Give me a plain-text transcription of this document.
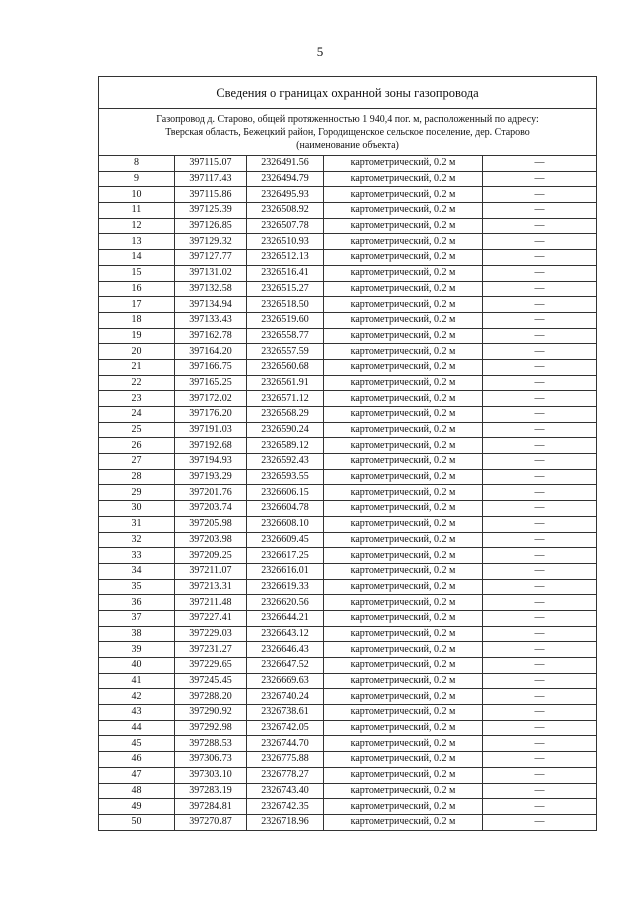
5
Сведения о границах охранной зоны газопровода				

Газопровод д. Старово, общей протяженностью 1 940,4 пог. м, расположенный по адресу:
Тверская область, Бежецкий район, Городищенское сельское поселение, дер. Старово
(наименование объекта)				

8	397115.07	2326491.56	картометрический, 0.2 м	—
9	397117.43	2326494.79	картометрический, 0.2 м	—
10	397115.86	2326495.93	картометрический, 0.2 м	—
11	397125.39	2326508.92	картометрический, 0.2 м	—
12	397126.85	2326507.78	картометрический, 0.2 м	—
13	397129.32	2326510.93	картометрический, 0.2 м	—
14	397127.77	2326512.13	картометрический, 0.2 м	—
15	397131.02	2326516.41	картометрический, 0.2 м	—
16	397132.58	2326515.27	картометрический, 0.2 м	—
17	397134.94	2326518.50	картометрический, 0.2 м	—
18	397133.43	2326519.60	картометрический, 0.2 м	—
19	397162.78	2326558.77	картометрический, 0.2 м	—
20	397164.20	2326557.59	картометрический, 0.2 м	—
21	397166.75	2326560.68	картометрический, 0.2 м	—
22	397165.25	2326561.91	картометрический, 0.2 м	—
23	397172.02	2326571.12	картометрический, 0.2 м	—
24	397176.20	2326568.29	картометрический, 0.2 м	—
25	397191.03	2326590.24	картометрический, 0.2 м	—
26	397192.68	2326589.12	картометрический, 0.2 м	—
27	397194.93	2326592.43	картометрический, 0.2 м	—
28	397193.29	2326593.55	картометрический, 0.2 м	—
29	397201.76	2326606.15	картометрический, 0.2 м	—
30	397203.74	2326604.78	картометрический, 0.2 м	—
31	397205.98	2326608.10	картометрический, 0.2 м	—
32	397203.98	2326609.45	картометрический, 0.2 м	—
33	397209.25	2326617.25	картометрический, 0.2 м	—
34	397211.07	2326616.01	картометрический, 0.2 м	—
35	397213.31	2326619.33	картометрический, 0.2 м	—
36	397211.48	2326620.56	картометрический, 0.2 м	—
37	397227.41	2326644.21	картометрический, 0.2 м	—
38	397229.03	2326643.12	картометрический, 0.2 м	—
39	397231.27	2326646.43	картометрический, 0.2 м	—
40	397229.65	2326647.52	картометрический, 0.2 м	—
41	397245.45	2326669.63	картометрический, 0.2 м	—
42	397288.20	2326740.24	картометрический, 0.2 м	—
43	397290.92	2326738.61	картометрический, 0.2 м	—
44	397292.98	2326742.05	картометрический, 0.2 м	—
45	397288.53	2326744.70	картометрический, 0.2 м	—
46	397306.73	2326775.88	картометрический, 0.2 м	—
47	397303.10	2326778.27	картометрический, 0.2 м	—
48	397283.19	2326743.40	картометрический, 0.2 м	—
49	397284.81	2326742.35	картометрический, 0.2 м	—
50	397270.87	2326718.96	картометрический, 0.2 м	—
